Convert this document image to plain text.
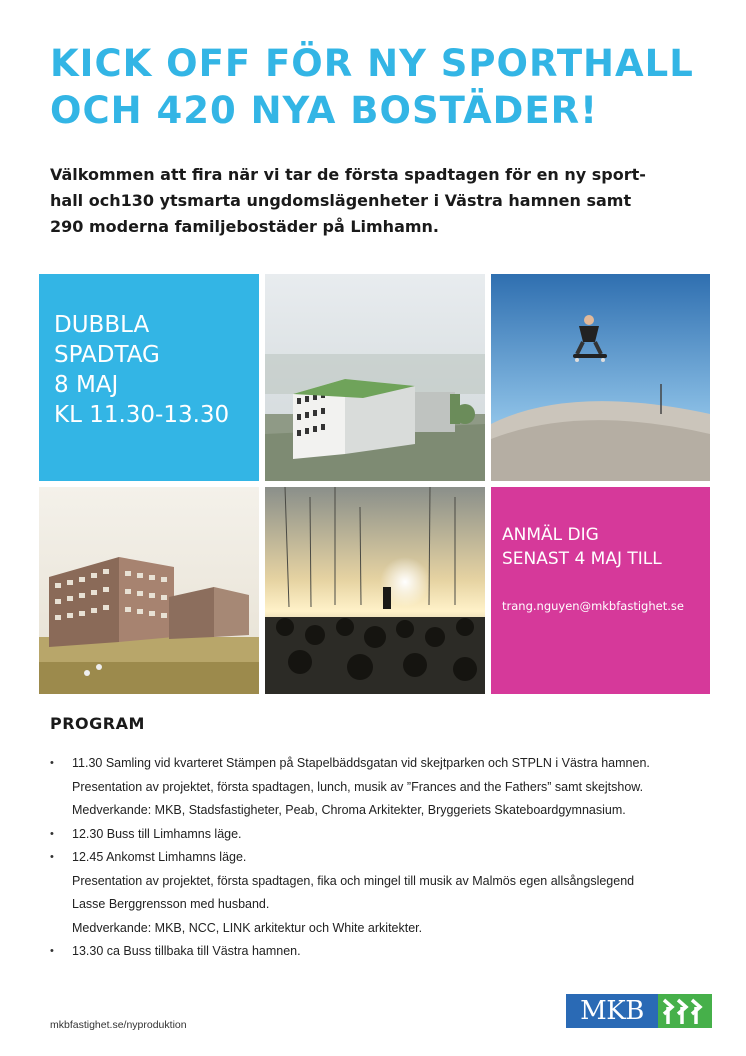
KICK OFF FÖR NY SPORTHALL
OCH 420 NYA BOSTÄDER!
Välkommen att fira när vi tar de första spadtagen för en ny sport-
hall och130 ytsmarta ungdomslägenheter i Västra hamnen samt
290 moderna familjebostäder på Limhamn.
DUBBLA
SPADTAG
8 MAJ
KL 11.30-13.30
ANMÄL DIG
SENAST 4 MAJ TILL
trang.nguyen@mkbfastighet.se
PROGRAM
• 11.30 Samling vid kvarteret Stämpen på Stapelbäddsgatan vid skejtparken och STPLN i Västra hamnen.
Presentation av projektet, första spadtagen, lunch, musik av ”Frances and the Fathers” samt skejtshow.
Medverkande: MKB, Stadsfastigheter, Peab, Chroma Arkitekter, Bryggeriets Skateboardgymnasium.
• 12.30 Buss till Limhamns läge.
• 12.45 Ankomst Limhamns läge.
Presentation av projektet, första spadtagen, fika och mingel till musik av Malmös egen allsångslegend
Lasse Berggrensson med husband.
Medverkande: MKB, NCC, LINK arkitektur och White arkitekter.
• 13.30 ca Buss tillbaka till Västra hamnen.
mkbfastighet.se/nyproduktion	MKB
